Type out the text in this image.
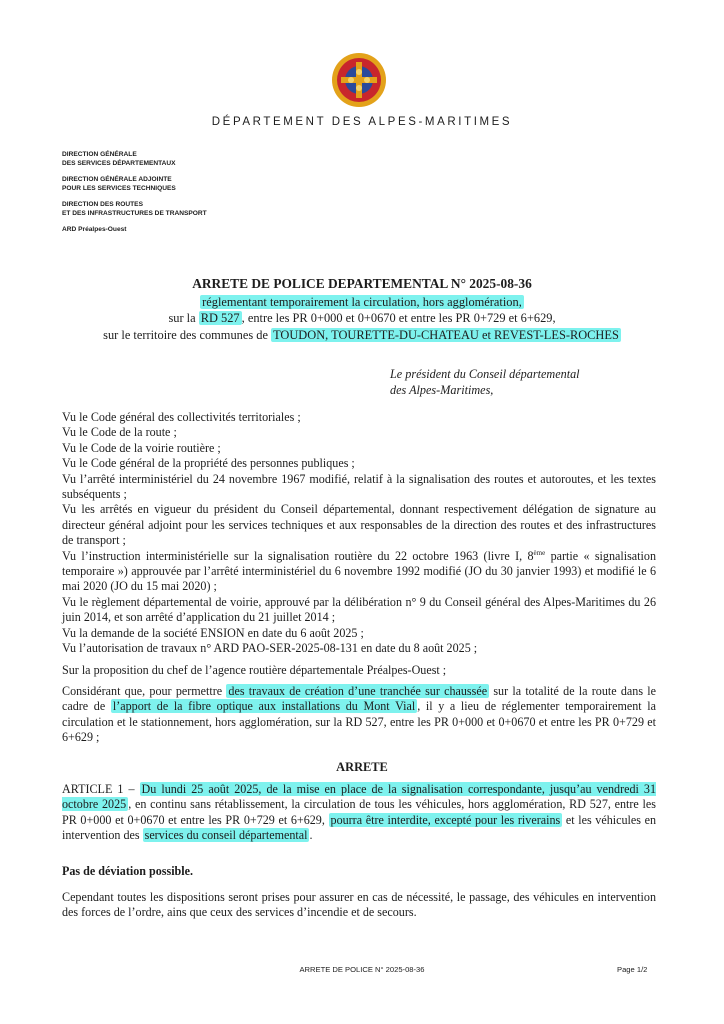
DÉPARTEMENT DES ALPES-MARITIMES
DIRECTION GÉNÉRALE
DES SERVICES DÉPARTEMENTAUX
DIRECTION GÉNÉRALE ADJOINTE
POUR LES SERVICES TECHNIQUES
DIRECTION DES ROUTES
ET DES INFRASTRUCTURES DE TRANSPORT
ARD Préalpes-Ouest
ARRETE DE POLICE DEPARTEMENTAL N° 2025-08-36
réglementant temporairement la circulation, hors agglomération,
sur la RD 527 , entre les PR 0+000 et 0+0670 et entre les PR 0+729 et 6+629,
sur le territoire des communes de TOUDON, TOURETTE-DU-CHATEAU et REVEST-LES-ROCHES
Le président du Conseil départemental
des Alpes-Maritimes,

Vu le Code général des collectivités territoriales ;

Vu le Code de la route ;

Vu le Code de la voirie routière ;

Vu le Code général de la propriété des personnes publiques ;

Vu l’arrêté interministériel du 24 novembre 1967 modifié, relatif à la signalisation des routes et autoroutes, et les textes subséquents ;

Vu les arrêtés en vigueur du président du Conseil départemental, donnant respectivement délégation de signature au directeur général adjoint pour les services techniques et aux responsables de la direction des routes et des infrastructures de transport ;

Vu l’instruction interministérielle sur la signalisation routière du 22 octobre 1963 (livre I, 8ème partie « signalisation temporaire ») approuvée par l’arrêté interministériel du 6 novembre 1992 modifié (JO du 30 janvier 1993) et modifié le 6 mai 2020 (JO du 15 mai 2020) ;

Vu le règlement départemental de voirie, approuvé par la délibération n° 9 du Conseil général des Alpes-Maritimes du 26 juin 2014, et son arrêté d’application du 21 juillet 2014 ;

Vu la demande de la société ENSION en date du 6 août 2025 ;

Vu l’autorisation de travaux n° ARD PAO-SER-2025-08-131 en date du 8 août 2025 ;

Sur la proposition du chef de l’agence routière départementale Préalpes-Ouest ;

Considérant que, pour permettre des travaux de création d’une tranchée sur chaussée sur la totalité de la route dans le cadre de l’apport de la fibre optique aux installations du Mont Vial , il y a lieu de réglementer temporairement la circulation et le stationnement, hors agglomération, sur la RD 527, entre les PR 0+000 et 0+0670 et entre les PR 0+729 et 6+629 ;

ARRETE

ARTICLE 1 – Du lundi 25 août 2025, de la mise en place de la signalisation correspondante, jusqu’au vendredi 31 octobre 2025 , en continu sans rétablissement, la circulation de tous les véhicules, hors agglomération, RD 527, entre les PR 0+000 et 0+0670 et entre les PR 0+729 et 6+629, pourra être interdite, excepté pour les riverains et les véhicules en intervention des services du conseil départemental .

Pas de déviation possible.
Cependant toutes les dispositions seront prises pour assurer en cas de nécessité, le passage, des véhicules en intervention des forces de l’ordre, ains que ceux des services d’incendie et de secours.
ARRETE DE POLICE N° 2025-08-36	Page 1/2
